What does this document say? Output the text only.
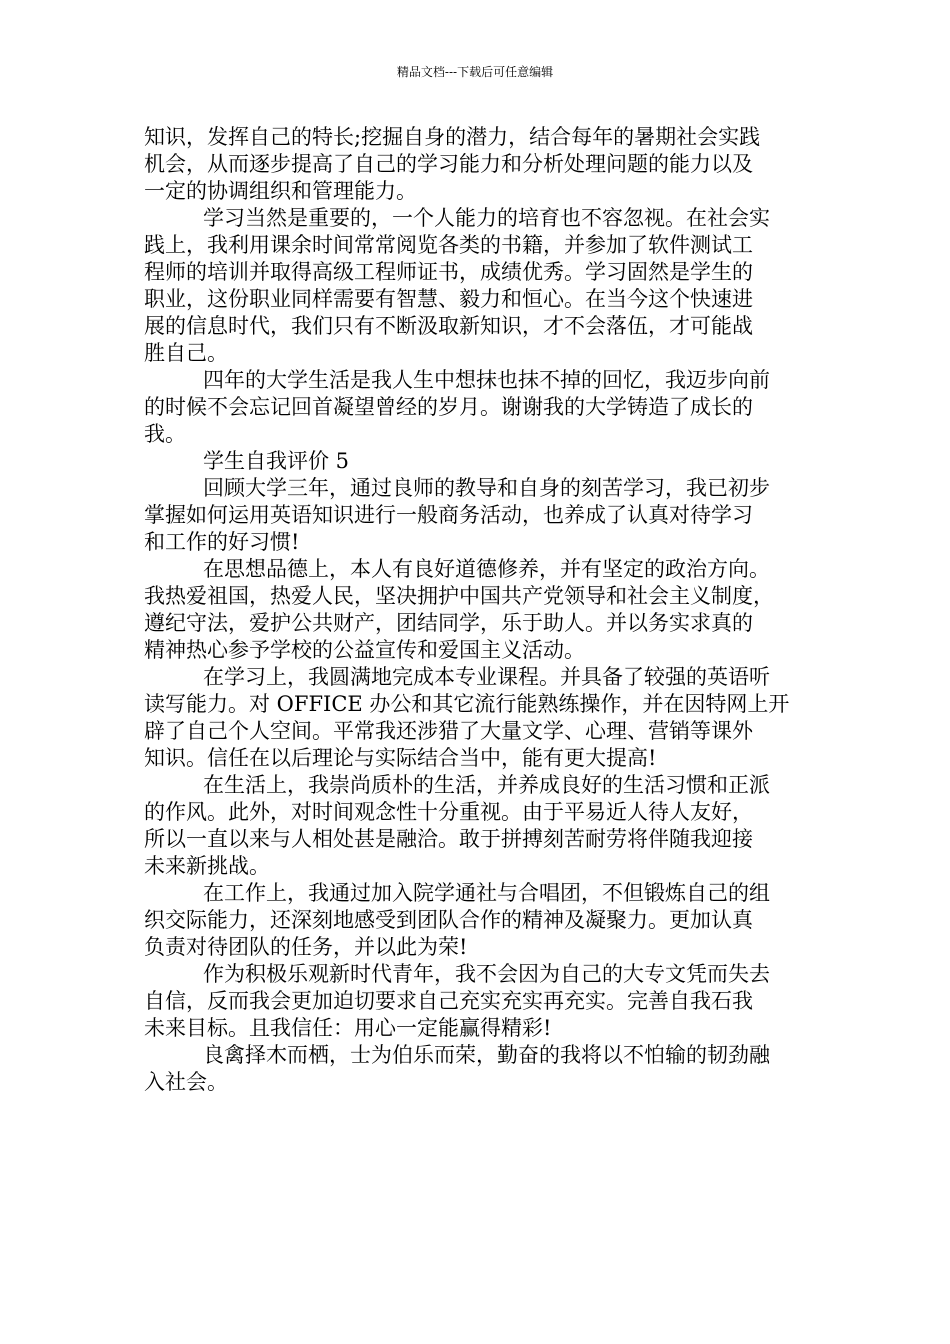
精品文档---下载后可任意编辑
知识，发挥自己的特长;挖掘自身的潜力，结合每年的暑期社会实践
机会，从而逐步提高了自己的学习能力和分析处理问题的能力以及
一定的协调组织和管理能力。
学习当然是重要的，一个人能力的培育也不容忽视。在社会实
践上，我利用课余时间常常阅览各类的书籍，并参加了软件测试工
程师的培训并取得高级工程师证书，成绩优秀。学习固然是学生的
职业，这份职业同样需要有智慧、毅力和恒心。在当今这个快速进
展的信息时代，我们只有不断汲取新知识，才不会落伍，才可能战
胜自己。
四年的大学生活是我人生中想抹也抹不掉的回忆，我迈步向前
的时候不会忘记回首凝望曾经的岁月。谢谢我的大学铸造了成长的
我。
学生自我评价 5
回顾大学三年，通过良师的教导和自身的刻苦学习，我已初步
掌握如何运用英语知识进行一般商务活动，也养成了认真对待学习
和工作的好习惯!
在思想品德上，本人有良好道德修养，并有坚定的政治方向。
我热爱祖国，热爱人民，坚决拥护中国共产党领导和社会主义制度，
遵纪守法，爱护公共财产，团结同学，乐于助人。并以务实求真的
精神热心参予学校的公益宣传和爱国主义活动。
在学习上，我圆满地完成本专业课程。并具备了较强的英语听
读写能力。对 OFFICE 办公和其它流行能熟练操作，并在因特网上开
辟了自己个人空间。平常我还涉猎了大量文学、心理、营销等课外
知识。信任在以后理论与实际结合当中，能有更大提高!
在生活上，我崇尚质朴的生活，并养成良好的生活习惯和正派
的作风。此外，对时间观念性十分重视。由于平易近人待人友好，
所以一直以来与人相处甚是融洽。敢于拼搏刻苦耐劳将伴随我迎接
未来新挑战。
在工作上，我通过加入院学通社与合唱团，不但锻炼自己的组
织交际能力，还深刻地感受到团队合作的精神及凝聚力。更加认真
负责对待团队的任务，并以此为荣!
作为积极乐观新时代青年，我不会因为自己的大专文凭而失去
自信，反而我会更加迫切要求自己充实充实再充实。完善自我石我
未来目标。且我信任：用心一定能赢得精彩!
良禽择木而栖，士为伯乐而荣，勤奋的我将以不怕输的韧劲融
入社会。
